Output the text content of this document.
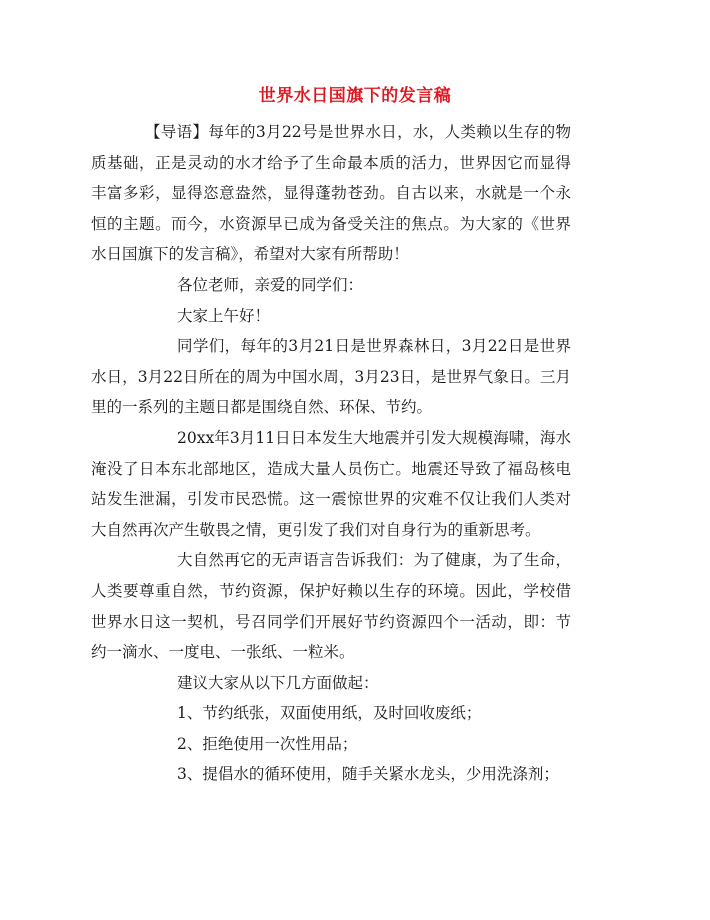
世界水日国旗下的发言稿

【导语】每年的3月22号是世界水日，水，人类赖以生存的物质基础，正是灵动的水才给予了生命最本质的活力，世界因它而显得丰富多彩，显得恣意盎然，显得蓬勃苍劲。自古以来，水就是一个永恒的主题。而今，水资源早已成为备受关注的焦点。为大家的《世界水日国旗下的发言稿》，希望对大家有所帮助！

各位老师，亲爱的同学们：

大家上午好！

同学们，每年的3月21日是世界森林日，3月22日是世界水日，3月22日所在的周为中国水周，3月23日，是世界气象日。三月里的一系列的主题日都是围绕自然、环保、节约。

20xx年3月11日日本发生大地震并引发大规模海啸，海水淹没了日本东北部地区，造成大量人员伤亡。地震还导致了福岛核电站发生泄漏，引发市民恐慌。这一震惊世界的灾难不仅让我们人类对大自然再次产生敬畏之情，更引发了我们对自身行为的重新思考。

大自然再它的无声语言告诉我们：为了健康，为了生命，人类要尊重自然，节约资源，保护好赖以生存的环境。因此，学校借世界水日这一契机，号召同学们开展好节约资源四个一活动，即：节约一滴水、一度电、一张纸、一粒米。

建议大家从以下几方面做起：

1、节约纸张，双面使用纸，及时回收废纸；

2、拒绝使用一次性用品；

3、提倡水的循环使用，随手关紧水龙头，少用洗涤剂；
